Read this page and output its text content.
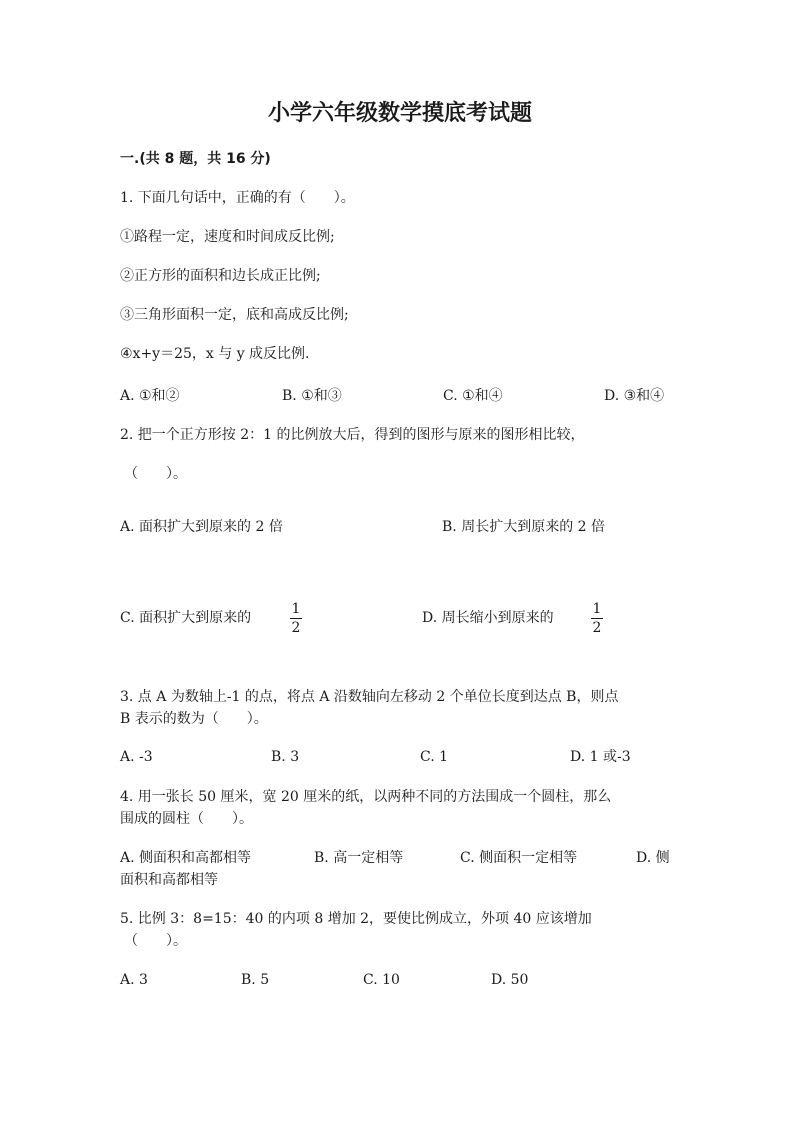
小学六年级数学摸底考试题
一.(共 8 题，共 16 分)
1. 下面几句话中，正确的有（　　）。
①路程一定，速度和时间成反比例;
②正方形的面积和边长成正比例;
③三角形面积一定，底和高成反比例;
④x+y＝25，x 与 y 成反比例.
A. ①和②	B. ①和③	C. ①和④	D. ③和④
2. 把一个正方形按 2：1 的比例放大后，得到的图形与原来的图形相比较，
（　　）。
A. 面积扩大到原来的 2 倍	B. 周长扩大到原来的 2 倍
C. 面积扩大到原来的
1
2
D. 周长缩小到原来的
1
2
3. 点 A 为数轴上-1 的点，将点 A 沿数轴向左移动 2 个单位长度到达点 B，则点
B 表示的数为（　　）。
A. -3	B. 3	C. 1	D. 1 或-3
4. 用一张长 50 厘米，宽 20 厘米的纸，以两种不同的方法围成一个圆柱，那么
围成的圆柱（　　）。
A. 侧面积和高都相等	B. 高一定相等	C. 侧面积一定相等	D. 侧
面积和高都相等
5. 比例 3：8=15：40 的内项 8 增加 2，要使比例成立，外项 40 应该增加
（　　）。
A. 3	B. 5	C. 10	D. 50
